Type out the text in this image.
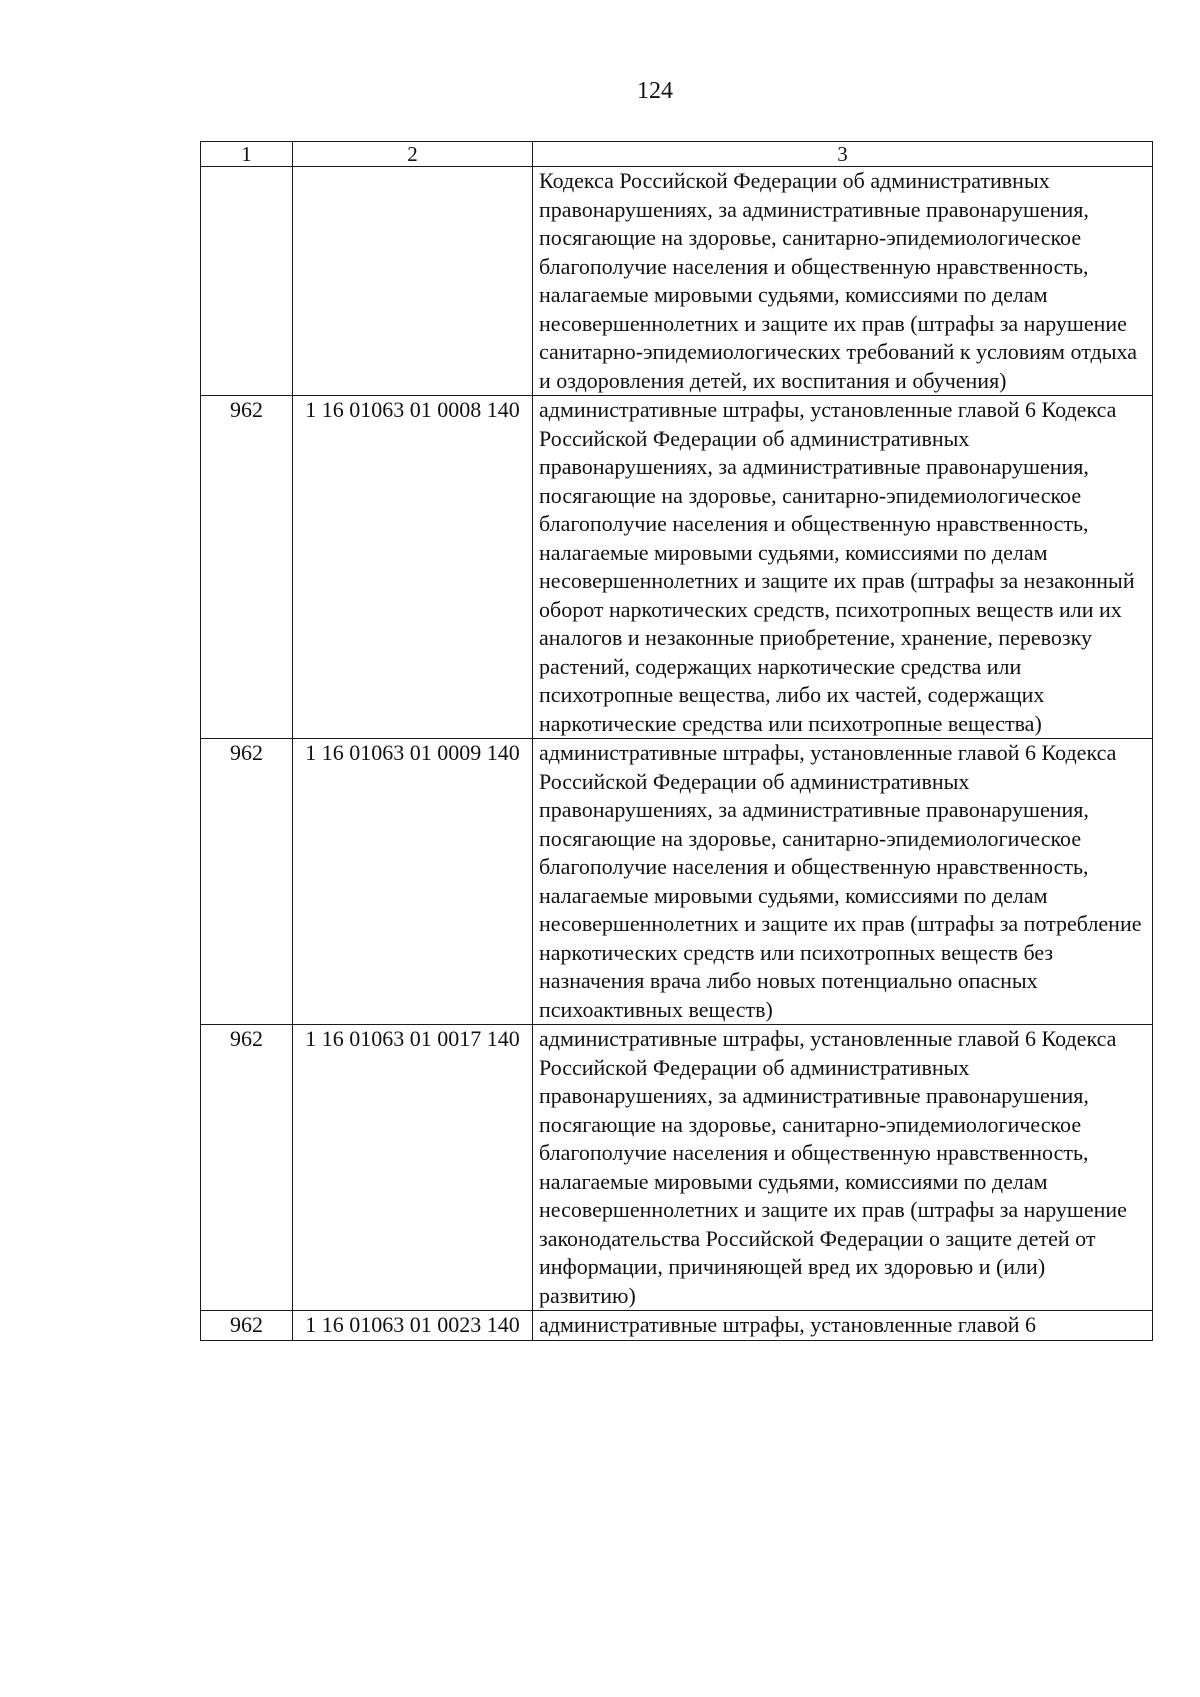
124
1	2	3
		Кодекса Российской Федерации об административных правонарушениях, за административные правонарушения, посягающие на здоровье, санитарно-эпидемиологическое благополучие населения и общественную нравственность, налагаемые мировыми судьями, комиссиями по делам несовершеннолетних и защите их прав (штрафы за нарушение санитарно-эпидемиологических требований к условиям отдыха и оздоровления детей, их воспитания и обучения)
962	1 16 01063 01 0008 140	административные штрафы, установленные главой 6 Кодекса Российской Федерации об административных правонарушениях, за административные правонарушения, посягающие на здоровье, санитарно-эпидемиологическое благополучие населения и общественную нравственность, налагаемые мировыми судьями, комиссиями по делам несовершеннолетних и защите их прав (штрафы за незаконный оборот наркотических средств, психотропных веществ или их аналогов и незаконные приобретение, хранение, перевозку растений, содержащих наркотические средства или психотропные вещества, либо их частей, содержащих наркотические средства или психотропные вещества)
962	1 16 01063 01 0009 140	административные штрафы, установленные главой 6 Кодекса Российской Федерации об административных правонарушениях, за административные правонарушения, посягающие на здоровье, санитарно-эпидемиологическое благополучие населения и общественную нравственность, налагаемые мировыми судьями, комиссиями по делам несовершеннолетних и защите их прав (штрафы за потребление наркотических средств или психотропных веществ без назначения врача либо новых потенциально опасных психоактивных веществ)
962	1 16 01063 01 0017 140	административные штрафы, установленные главой 6 Кодекса Российской Федерации об административных правонарушениях, за административные правонарушения, посягающие на здоровье, санитарно-эпидемиологическое благополучие населения и общественную нравственность, налагаемые мировыми судьями, комиссиями по делам несовершеннолетних и защите их прав (штрафы за нарушение законодательства Российской Федерации о защите детей от информации, причиняющей вред их здоровью и (или) развитию)
962	1 16 01063 01 0023 140	административные штрафы, установленные главой 6
